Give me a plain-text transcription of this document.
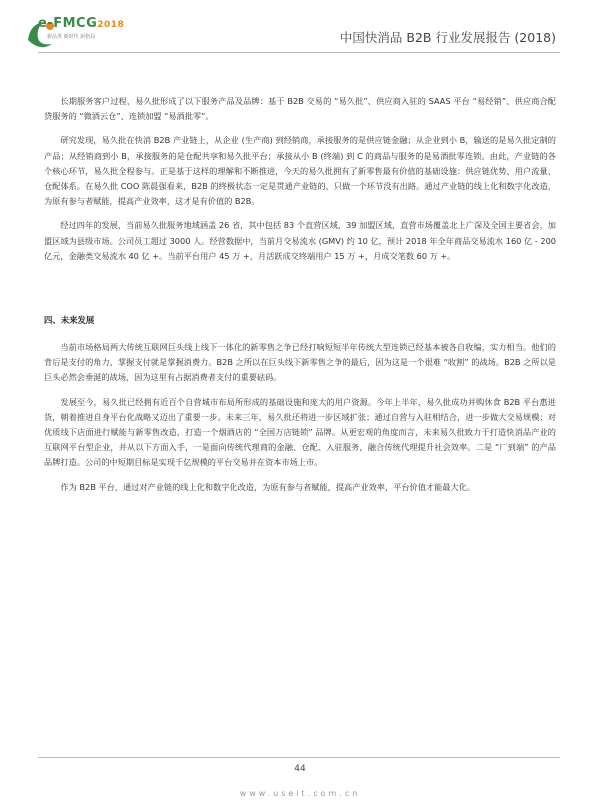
e-FMCG2018
新品类 新时代 新格局	中国快消品 B2B 行业发展报告 (2018)

长期服务客户过程，易久批形成了以下服务产品及品牌：基于 B2B 交易的 “易久批”、供应商入驻的 SAAS 平台 “易经销”、供应商合配贷服务的 “微酒云仓”、连锁加盟 “易酒批零”。

研究发现，易久批在快消 B2B 产业链上，从企业 (生产商) 到经销商，承接服务的是供应链金融；从企业到小 B，输送的是易久批定制的产品；从经销商到小 B，承接服务的是仓配共享和易久批平台；承接从小 B (终端) 到 C 的商品与服务的是易酒批零连锁。由此，产业链的各个核心环节，易久批全程参与。正是基于这样的理解和不断推进，今天的易久批拥有了新零售最有价值的基础设施：供应链优势、用户流量、仓配体系。在易久批 COO 陈晨强看来，B2B 的终极状态一定是贯通产业链的，只做一个环节没有出路。通过产业链的线上化和数字化改造，为原有参与者赋能，提高产业效率，这才是有价值的 B2B。

经过四年的发展，当前易久批服务地域涵盖 26 省，其中包括 83 个直营区域，39 加盟区域，直营市场覆盖北上广深及全国主要省会，加盟区域为县级市场。公司员工超过 3000 人。经营数据中，当前月交易流水 (GMV) 约 10 亿，预计 2018 年全年商品交易流水 160 亿 - 200 亿元，金融类交易流水 40 亿 +。当前平台用户 45 万 +，月活跃成交终端用户 15 万 +，月成交笔数 60 万 +。

四、未来发展

当前市场格局两大传统互联网巨头线上线下一体化的新零售之争已经打响短短半年传统大型连锁已经基本被各自收编，实力相当。他们的背后是支付的角力，掌握支付就是掌握消费力。B2B 之所以在巨头线下新零售之争的最后，因为这是一个很难 “收割” 的战场。B2B 之所以是巨头必然会垂涎的战场，因为这里有占据消费者支付的重要砝码。

发展至今，易久批已经拥有近百个自营城市布局所形成的基础设施和庞大的用户资源。今年上半年，易久批成功并购休食 B2B 平台惠进货，朝着推进自身平台化战略又迈出了重要一步。未来三年，易久批还将进一步区域扩张；通过自营与入驻相结合，进一步做大交易规模；对优质线下店面进行赋能与新零售改造，打造一个烟酒店的 “全国万店链锁” 品牌。从更宏观的角度而言，未来易久批致力于打造快消品产业的互联网平台型企业，并从以下方面入手，一是面向传统代理商的金融、仓配、入驻服务，融合传统代理提升社会效率。二是 “厂到端” 的产品品牌打造。公司的中短期目标是实现千亿规模的平台交易并在资本市场上市。

作为 B2B 平台，通过对产业链的线上化和数字化改造，为原有参与者赋能，提高产业效率，平台价值才能最大化。

44
www.useit.com.cn
